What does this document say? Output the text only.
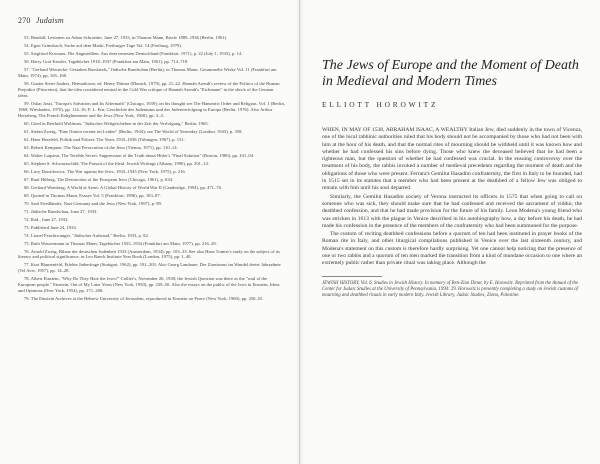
270 Judaism

53. Bendall, Lezionen zu Adam Schroeder, June 27, 1933, in Thomas Mann, Briefe 1889–1936 (Berlin, 1961).

54. Egon Grimsbach, Sache auf dem Markt. Freiburger Tage Vol. 14 (Freiburg, 1979).

55. Siegfried Kracauer, Die Angestellten. Aus dem neuesten Deutschland (Frankfurt, 1971), p. 22 (July 1, 1933), p. 14.

56. Harry Graf Kessler, Tagebücher 1918–1937 (Frankfurt am Main, 1961), pp. 714–718.

57. "Gerhard Wienecke: Gestalten Russlands," Jüdische Rundschau (Berlin), in Thomas Mann, Gesammelte Werke Vol. 11 (Frankfurt am Main, 1974), pp. 165–168.

58. Gunter Stern-Anders, Heimatlosen, ed. Henry Ditmar (Munich, 1979), pp. 21–22. Hannah Arendt's review of the Politics of the Human Prejudice (Princeton), that the idea considered neutral in the Cold War critique of Hannah Arendt's "Eichmann" in the shock of the German ideas.

59. Oskar Jaszi, "Europa's Salvation and Its Aftermath" (Chicago, 1939); on his thought see The Hanseatic Order and Religion, Vol. 1 (Berlin, 1969; Wiesbaden, 1970), pp. 114–16; F. L. Ern, Geschichte des Judentums und der Judenverfolgung in Europa (Berlin, 1976). Also Arthur Hertzberg, The French Enlightenment and the Jews (New York, 1968), pp. 3–4.

60. Cited in Berthold Wolfman, "Jüdisches Weltgeschehen in der Zeit der Verfolgung," Berlin, 1965.

61. Stefan Zweig, "Eine Nation vereint im Leiden" (Berlin, 1944); see The World of Yesterday (London, 1943), p. 358.

62. Hans Herzfeld, Politik und Polizei: The Years 1933–1938 (Tübingen, 1967), p. 151.

63. Robert Kempner, The Nazi Persecution of the Jews (Vienna, 1971), pp. 110–14.

64. Walter Laqueur, The Terrible Secret: Suppression of the Truth about Hitler's "Final Solution" (Boston, 1980), pp. 101–04.

65. Stephen S. Schwarzschild, The Pursuit of the Ideal: Jewish Writings (Albany, 1990), pp. 201–14.

66. Lucy Dawidowicz, The War against the Jews, 1933–1945 (New York, 1975), p. 216.

67. Raul Hilberg, The Destruction of the European Jews (Chicago, 1961), p. 634.

68. Gerhard Weinberg, A World at Arms: A Global History of World War II (Cambridge, 1994), pp. 471–76.

69. Quoted in Thomas Mann, Essays Vol. 5 (Frankfurt, 1996), pp. 183–87.

70. Saul Friedländer, Nazi Germany and the Jews (New York, 1997), p. 89.

71. Jüdische Rundschau, June 27, 1933.

72. Ibid., June 27, 1933.

73. Published June 24, 1933.

74. Lionel Feuchtwanger, "Jüdischer Aufstand," Berlin, 1933, p. 82.

75. Ruth Wassermann in Thomas Mann, Tagebücher 1933–1934 (Frankfurt am Main, 1977), pp. 216–29.

76. Arnold Zweig, Bilanz der deutschen Judenheit 1933 (Amsterdam, 1934), pp. 103–33. See also Hans Tramer's study on the subject of its literary and political significance, in Leo Baeck Institute Year Book (London, 1975), pp. 1–40.

77. Kurt Blumenfeld, Erlebte Judenfrage (Stuttgart, 1962), pp. 191–203. Also Georg Landauer, Der Zionismus im Wandel dreier Jahrzehnte (Tel Aviv, 1957), pp. 14–28.

78. Albert Einstein, "Why Do They Hate the Jews?" Collier's, November 26, 1938; the Jewish Question was there as the "soul of the European people." Einstein, Out of My Later Years (New York, 1950), pp. 239–50. Also the essays on the public of the Jews in Einstein, Ideas and Opinions (New York, 1954), pp. 171–208.

79. The Einstein Archives at the Hebrew University of Jerusalem, reproduced in Einstein on Peace (New York, 1960), pp. 250–55.

The Jews of Europe and the Moment of Death in Medieval and Modern Times
ELLIOTT HOROWITZ

WHEN, IN MAY OF 1538, ABRAHAM ISAAC, A WEALTHY Italian Jew, died suddenly in the town of Vicenza, one of the local rabbinic authorities ruled that his body should not be accompanied by those who had not been with him at the hour of his death, and that the normal rites of mourning should be withheld until it was known how and whether he had confessed his sins before dying. Those who knew the deceased believed that he had been a righteous man, but the question of whether he had confessed was crucial. In the ensuing controversy over the treatment of his body, the rabbis invoked a number of medieval precedents regarding the moment of death and the obligations of those who were present. Ferrara's Gemilut Hasadim confraternity, the first in Italy to be founded, had in 1515 set in its statutes that a member who had been present at the deathbed of a fellow Jew was obliged to remain with him until his soul departed.

Similarly, the Gemilut Hasadim society of Verona instructed its officers in 1575 that when going to call on someone who was sick, they should make sure that he had confessed and received the sacrament of viddui, the deathbed confession, and that he had made provision for the future of his family. Leon Modena's young friend who was stricken in 1613 with the plague in Venice described in his autobiography how, a day before his death, he had made his confession in the presence of the members of the confraternity who had been summoned for the purpose.

The custom of reciting deathbed confessions before a quorum of ten had been instituted in prayer books of the Roman rite in Italy, and other liturgical compilations published in Venice over the last sixteenth century, and Modena's statement on this custom is therefore hardly surprising. Yet one cannot help noticing that the presence of one or two rabbis and a quorum of ten men marked the transition from a kind of mundane occasion to one where an extremely public rather than private ritual was taking place. Although the

JEWISH HISTORY, Vol. 6. Studies in Jewish History. In memory of Ben-Zion Dinur, by E. Horowitz. Reprinted from the Annual of the Center for Judaic Studies at the University of Pennsylvania, 1994: 29. Horowitz is presently completing a study on Jewish customs of mourning and deathbed rituals in early modern Italy. Jewish Library, Judaic Studies, Ziona, Palestine.
